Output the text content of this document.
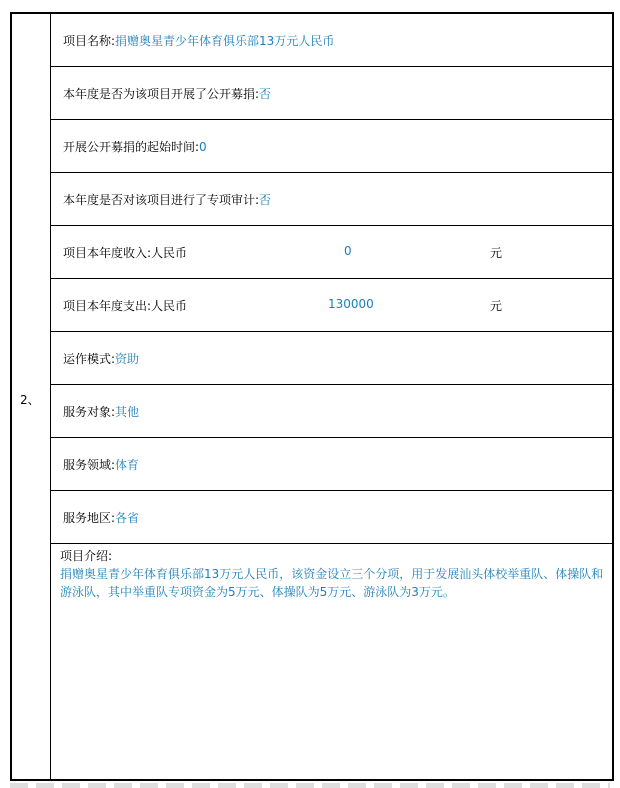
2、
项目名称:捐赠奥星青少年体育俱乐部13万元人民币
本年度是否为该项目开展了公开募捐:否
开展公开募捐的起始时间:0
本年度是否对该项目进行了专项审计:否
项目本年度收入:人民币	0	元
项目本年度支出:人民币	130000	元
运作模式:资助
服务对象:其他
服务领域:体育
服务地区:各省
项目介绍:
捐赠奥星青少年体育俱乐部13万元人民币，该资金设立三个分项，用于发展汕头体校举重队、体操队和游泳队，其中举重队专项资金为5万元、体操队为5万元、游泳队为3万元。
